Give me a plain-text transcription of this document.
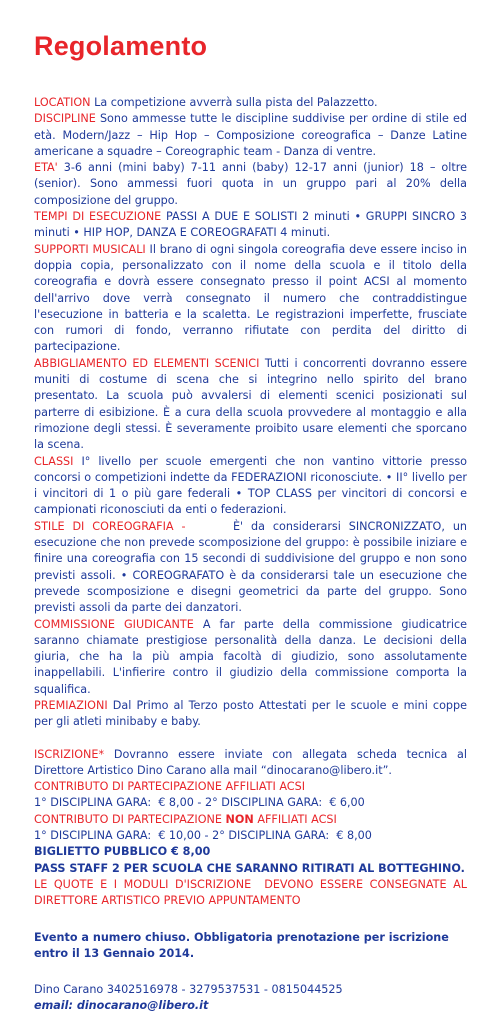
Regolamento

LOCATION La competizione avverrà sulla pista del Palazzetto.

DISCIPLINE Sono ammesse tutte le discipline suddivise per ordine di stile ed età. Modern/Jazz – Hip Hop – Composizione coreografica – Danze Latine americane a squadre – Coreographic team - Danza di ventre.

ETA' 3-6 anni (mini baby) 7-11 anni (baby) 12-17 anni (junior) 18 – oltre (senior). Sono ammessi fuori quota in un gruppo pari al 20% della composizione del gruppo.

TEMPI DI ESECUZIONE PASSI A DUE E SOLISTI 2 minuti • GRUPPI SINCRO 3 minuti • HIP HOP, DANZA E COREOGRAFATI 4 minuti.

SUPPORTI MUSICALI Il brano di ogni singola coreografia deve essere inciso in doppia copia, personalizzato con il nome della scuola e il titolo della coreografia e dovrà essere consegnato presso il point ACSI al momento dell'arrivo dove verrà consegnato il numero che contraddistingue l'esecuzione in batteria e la scaletta. Le registrazioni imperfette, frusciate con rumori di fondo, verranno rifiutate con perdita del diritto di partecipazione.

ABBIGLIAMENTO ED ELEMENTI SCENICI Tutti i concorrenti dovranno essere muniti di costume di scena che si integrino nello spirito del brano presentato. La scuola può avvalersi di elementi scenici posizionati sul parterre di esibizione. È a cura della scuola provvedere al montaggio e alla rimozione degli stessi. È severamente proibito usare elementi che sporcano la scena.

CLASSI I° livello per scuole emergenti che non vantino vittorie presso concorsi o competizioni indette da FEDERAZIONI riconosciute. • II° livello per i vincitori di 1 o più gare federali • TOP CLASS per vincitori di concorsi e campionati riconosciuti da enti o federazioni.

STILE DI COREOGRAFIA -      È' da considerarsi SINCRONIZZATO, un esecuzione che non prevede scomposizione del gruppo: è possibile iniziare e finire una coreografia con 15 secondi di suddivisione del gruppo e non sono previsti assoli. • COREOGRAFATO è da considerarsi tale un esecuzione che prevede scomposizione e disegni geometrici da parte del gruppo. Sono previsti assoli da parte dei danzatori.

COMMISSIONE GIUDICANTE A far parte della commissione giudicatrice saranno chiamate prestigiose personalità della danza. Le decisioni della giuria, che ha la più ampia facoltà di giudizio, sono assolutamente inappellabili. L'infierire contro il giudizio della commissione comporta la squalifica.

PREMIAZIONI Dal Primo al Terzo posto Attestati per le scuole e mini coppe per gli atleti minibaby e baby.

ISCRIZIONE* Dovranno essere inviate con allegata scheda tecnica al Direttore Artistico Dino Carano alla mail “dinocarano@libero.it”.

CONTRIBUTO DI PARTECIPAZIONE AFFILIATI ACSI

1° DISCIPLINA GARA:  € 8,00 - 2° DISCIPLINA GARA:  € 6,00

CONTRIBUTO DI PARTECIPAZIONE NON AFFILIATI ACSI

1° DISCIPLINA GARA:  € 10,00 - 2° DISCIPLINA GARA:  € 8,00

BIGLIETTO PUBBLICO € 8,00

PASS STAFF 2 PER SCUOLA CHE SARANNO RITIRATI AL BOTTEGHINO.

LE QUOTE E I MODULI D'ISCRIZIONE  DEVONO ESSERE CONSEGNATE AL DIRETTORE ARTISTICO PREVIO APPUNTAMENTO

Evento a numero chiuso. Obbligatoria prenotazione per iscrizione entro il 13 Gennaio 2014.

Dino Carano 3402516978 - 3279537531 - 0815044525

email: dinocarano@libero.it
